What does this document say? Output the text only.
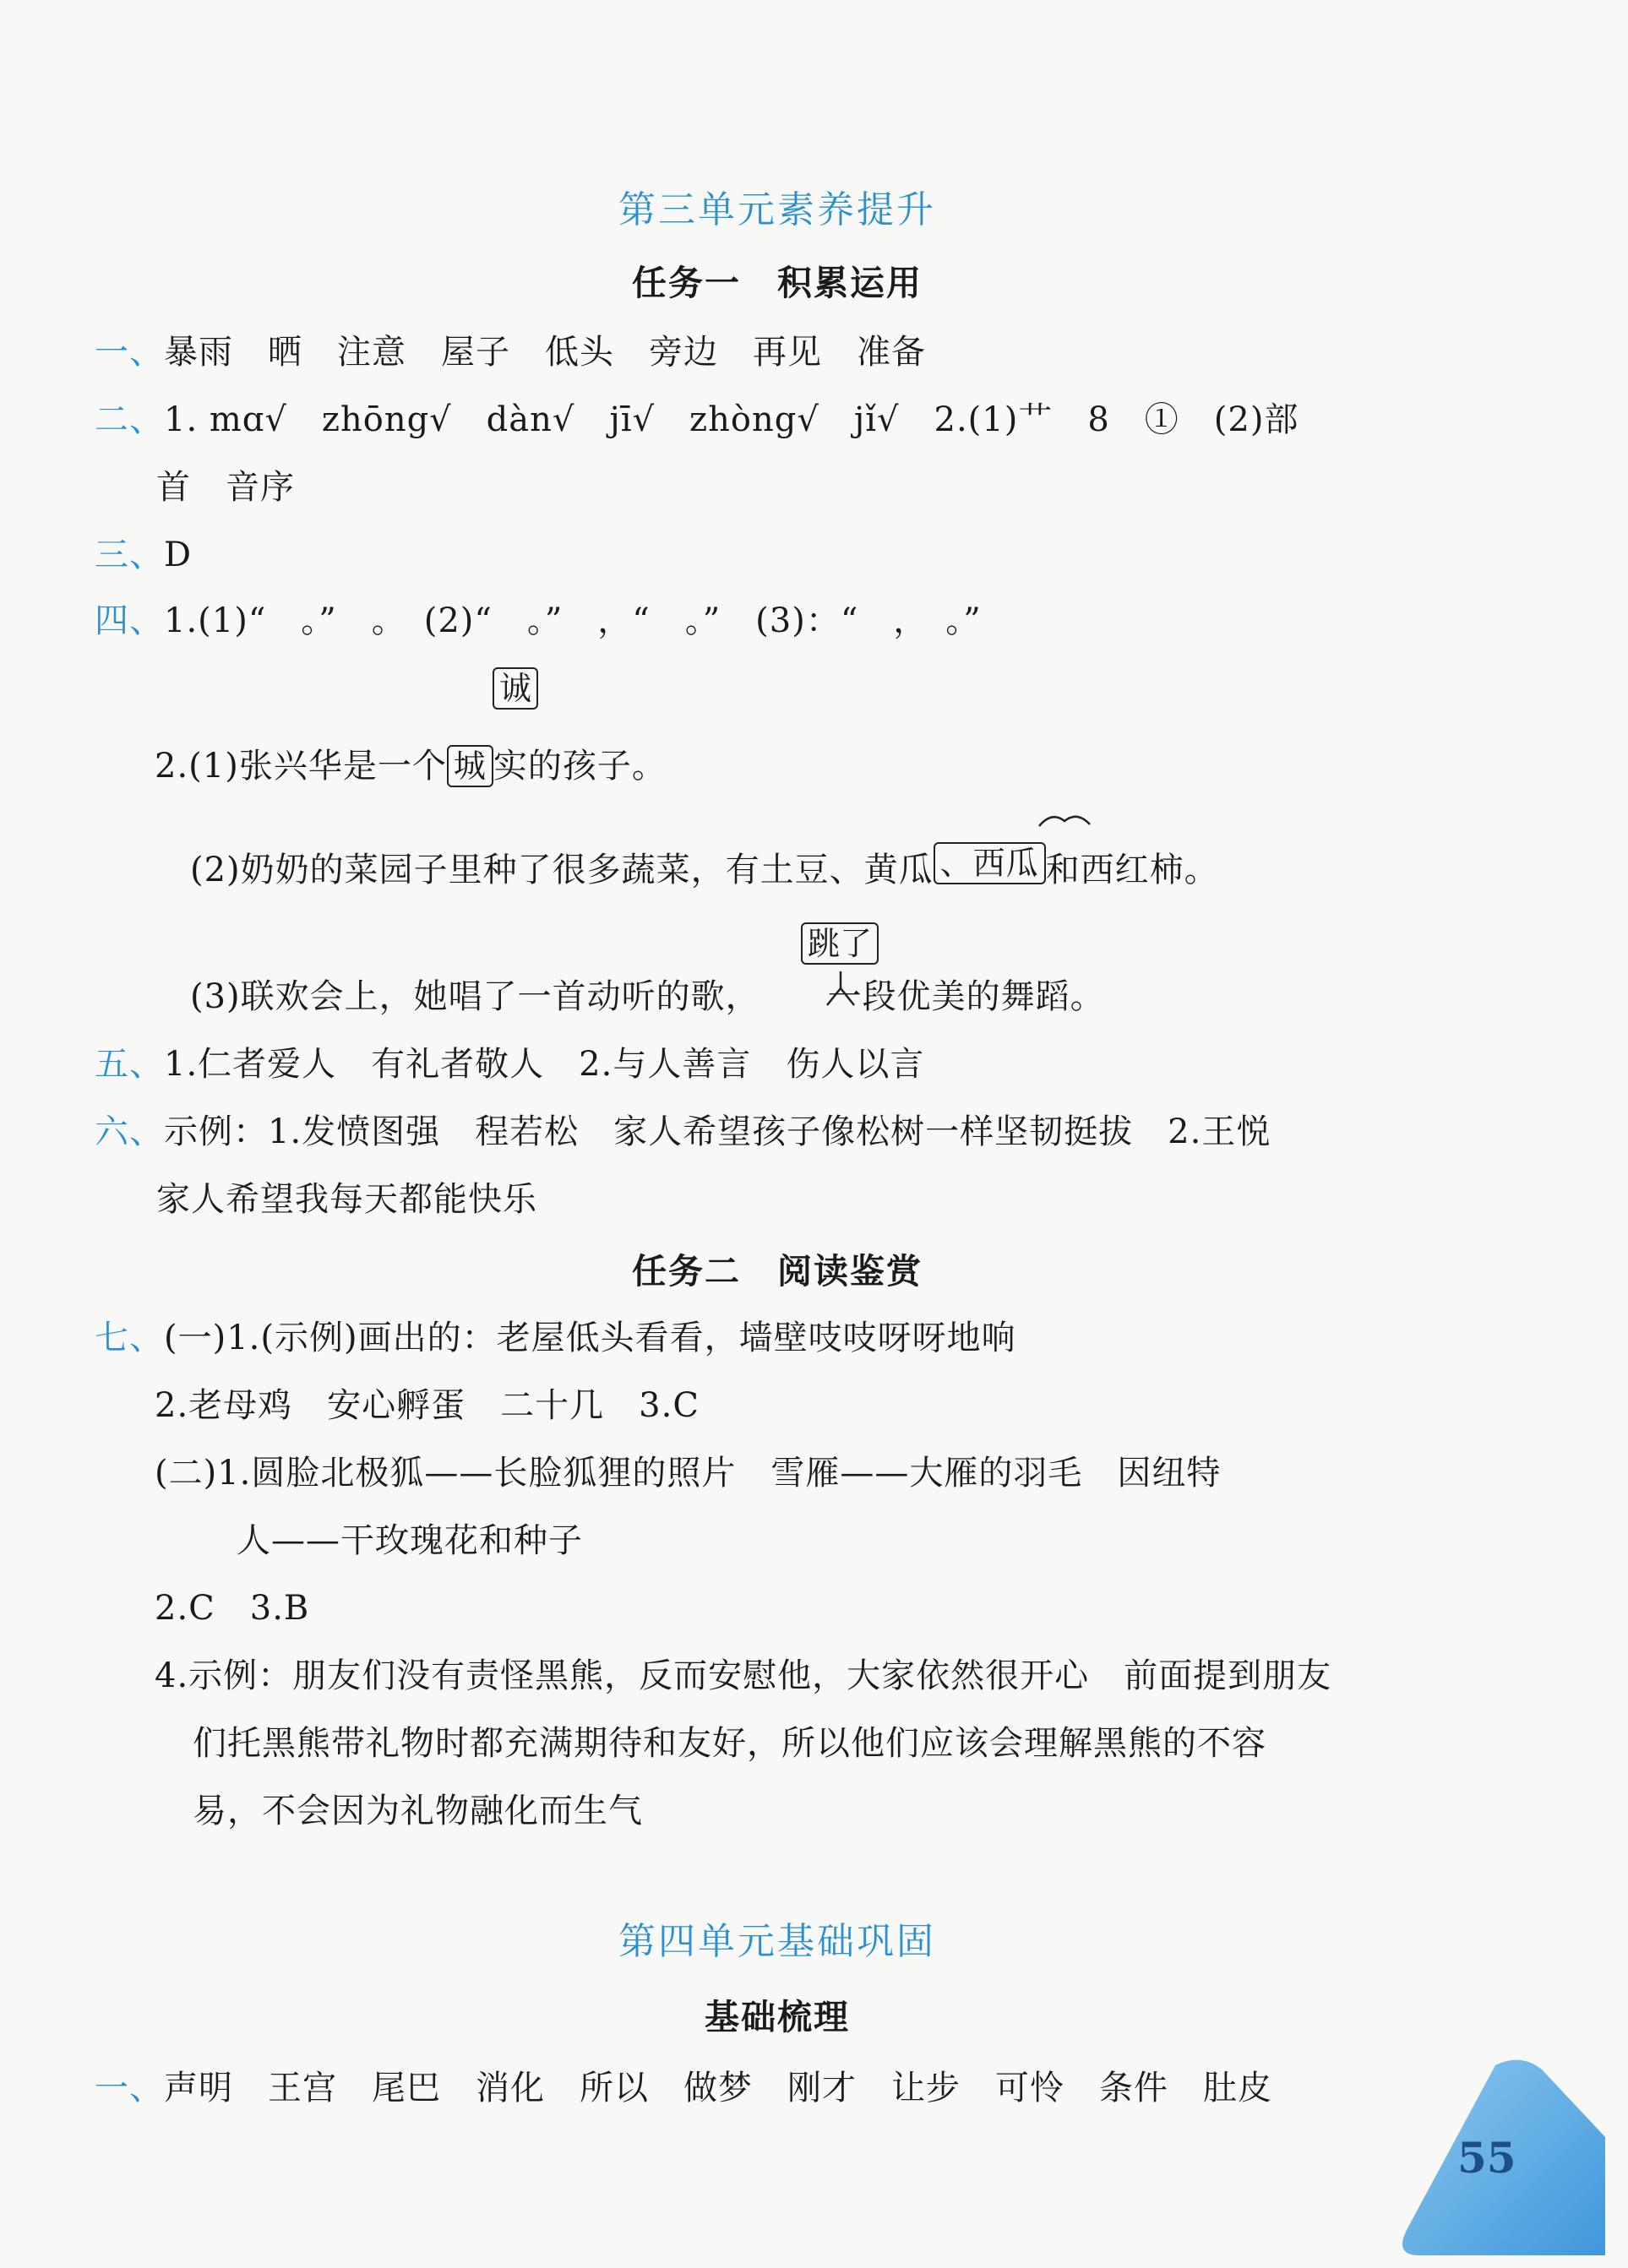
第三单元素养提升
任务一　积累运用
一、暴雨　晒　注意　屋子　低头　旁边　再见　准备
二、1. mɑ√　zhōng√　dàn√　jī√　zhòng√　jǐ√　2.(1)艹　8　①　(2)部
首　音序
三、D
四、1.(1)“　。”　。　(2)“　。”　，“　。”　(3)：“　，　。”
诚
2.(1)张兴华是一个 城 实的孩子。
(2)奶奶的菜园子里种了很多蔬菜，有土豆、黄瓜 、西瓜 和西红柿。
跳了
(3)联欢会上，她唱了一首动听的歌， 一段优美的舞蹈。
五、1.仁者爱人　有礼者敬人　2.与人善言　伤人以言
六、示例：1.发愤图强　程若松　家人希望孩子像松树一样坚韧挺拔　2.王悦
家人希望我每天都能快乐
任务二　阅读鉴赏
七、(一)1.(示例)画出的：老屋低头看看，墙壁吱吱呀呀地响
2.老母鸡　安心孵蛋　二十几　3.C
(二)1.圆脸北极狐——长脸狐狸的照片　雪雁——大雁的羽毛　因纽特
人——干玫瑰花和种子
2.C　3.B
4.示例：朋友们没有责怪黑熊，反而安慰他，大家依然很开心　前面提到朋友
们托黑熊带礼物时都充满期待和友好，所以他们应该会理解黑熊的不容
易，不会因为礼物融化而生气
第四单元基础巩固
基础梳理
一、声明　王宫　尾巴　消化　所以　做梦　刚才　让步　可怜　条件　肚皮
55
